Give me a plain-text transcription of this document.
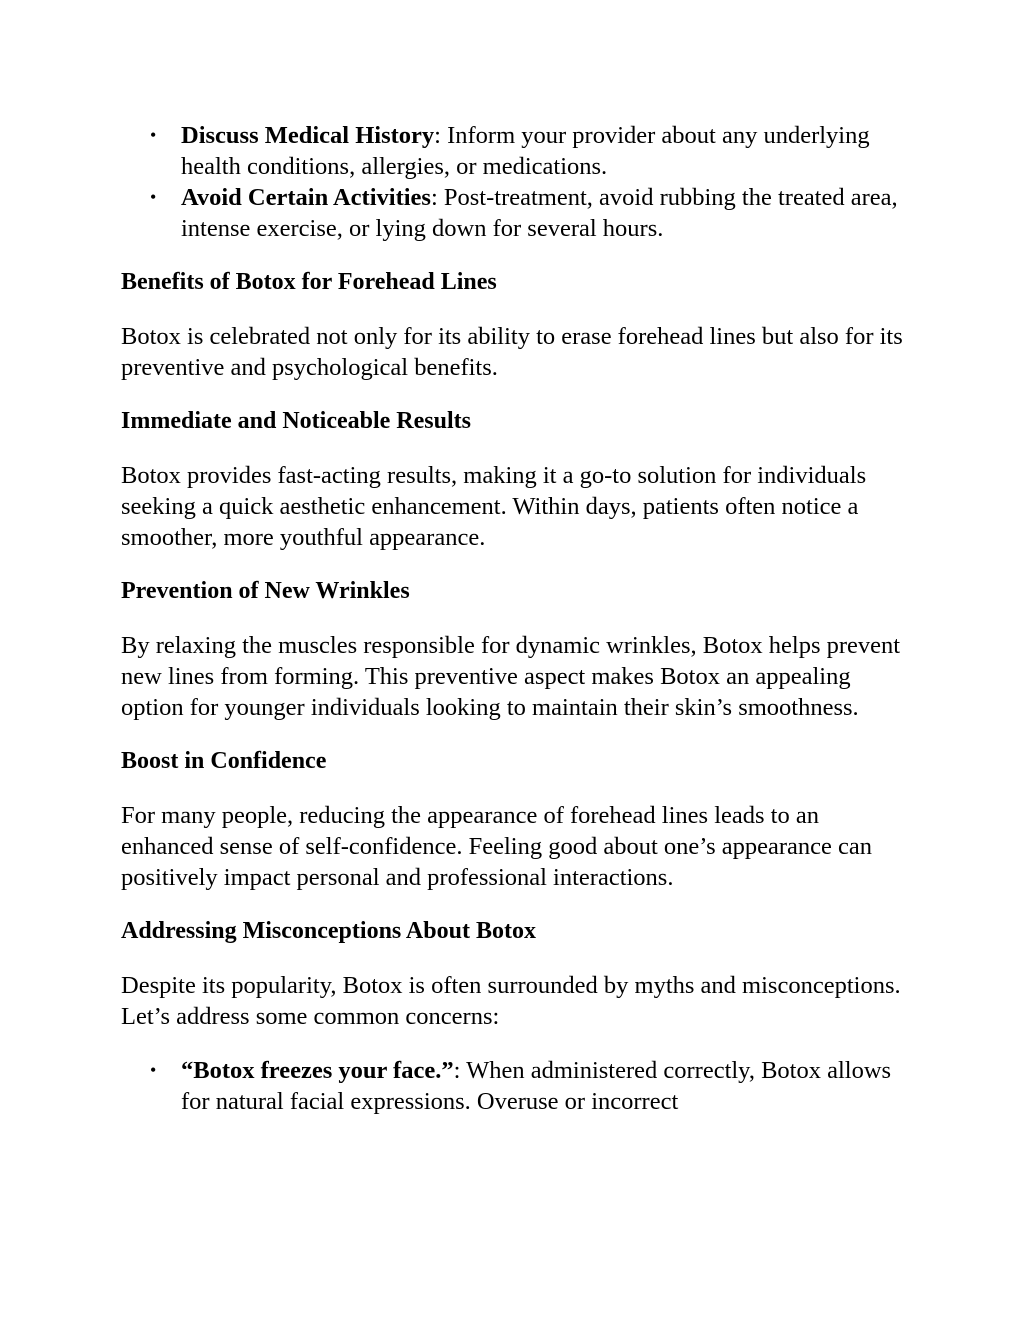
• Discuss Medical History: Inform your provider about any underlying health conditions, allergies, or medications.
• Avoid Certain Activities: Post-treatment, avoid rubbing the treated area, intense exercise, or lying down for several hours.
Benefits of Botox for Forehead Lines

Botox is celebrated not only for its ability to erase forehead lines but also for its preventive and psychological benefits.

Immediate and Noticeable Results

Botox provides fast-acting results, making it a go-to solution for individuals seeking a quick aesthetic enhancement. Within days, patients often notice a smoother, more youthful appearance.

Prevention of New Wrinkles

By relaxing the muscles responsible for dynamic wrinkles, Botox helps prevent new lines from forming. This preventive aspect makes Botox an appealing option for younger individuals looking to maintain their skin’s smoothness.

Boost in Confidence

For many people, reducing the appearance of forehead lines leads to an enhanced sense of self-confidence. Feeling good about one’s appearance can positively impact personal and professional interactions.

Addressing Misconceptions About Botox

Despite its popularity, Botox is often surrounded by myths and misconceptions. Let’s address some common concerns:

• “Botox freezes your face.”: When administered correctly, Botox allows for natural facial expressions. Overuse or incorrect
